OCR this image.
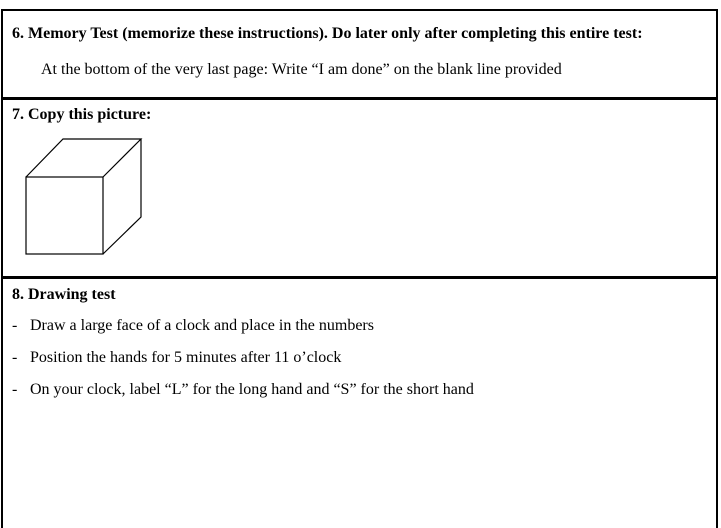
6. Memory Test (memorize these instructions). Do later only after completing this entire test:
At the bottom of the very last page: Write “I am done” on the blank line provided
7. Copy this picture:
8. Drawing test
- Draw a large face of a clock and place in the numbers
- Position the hands for 5 minutes after 11 o’clock
- On your clock, label “L” for the long hand and “S” for the short hand
